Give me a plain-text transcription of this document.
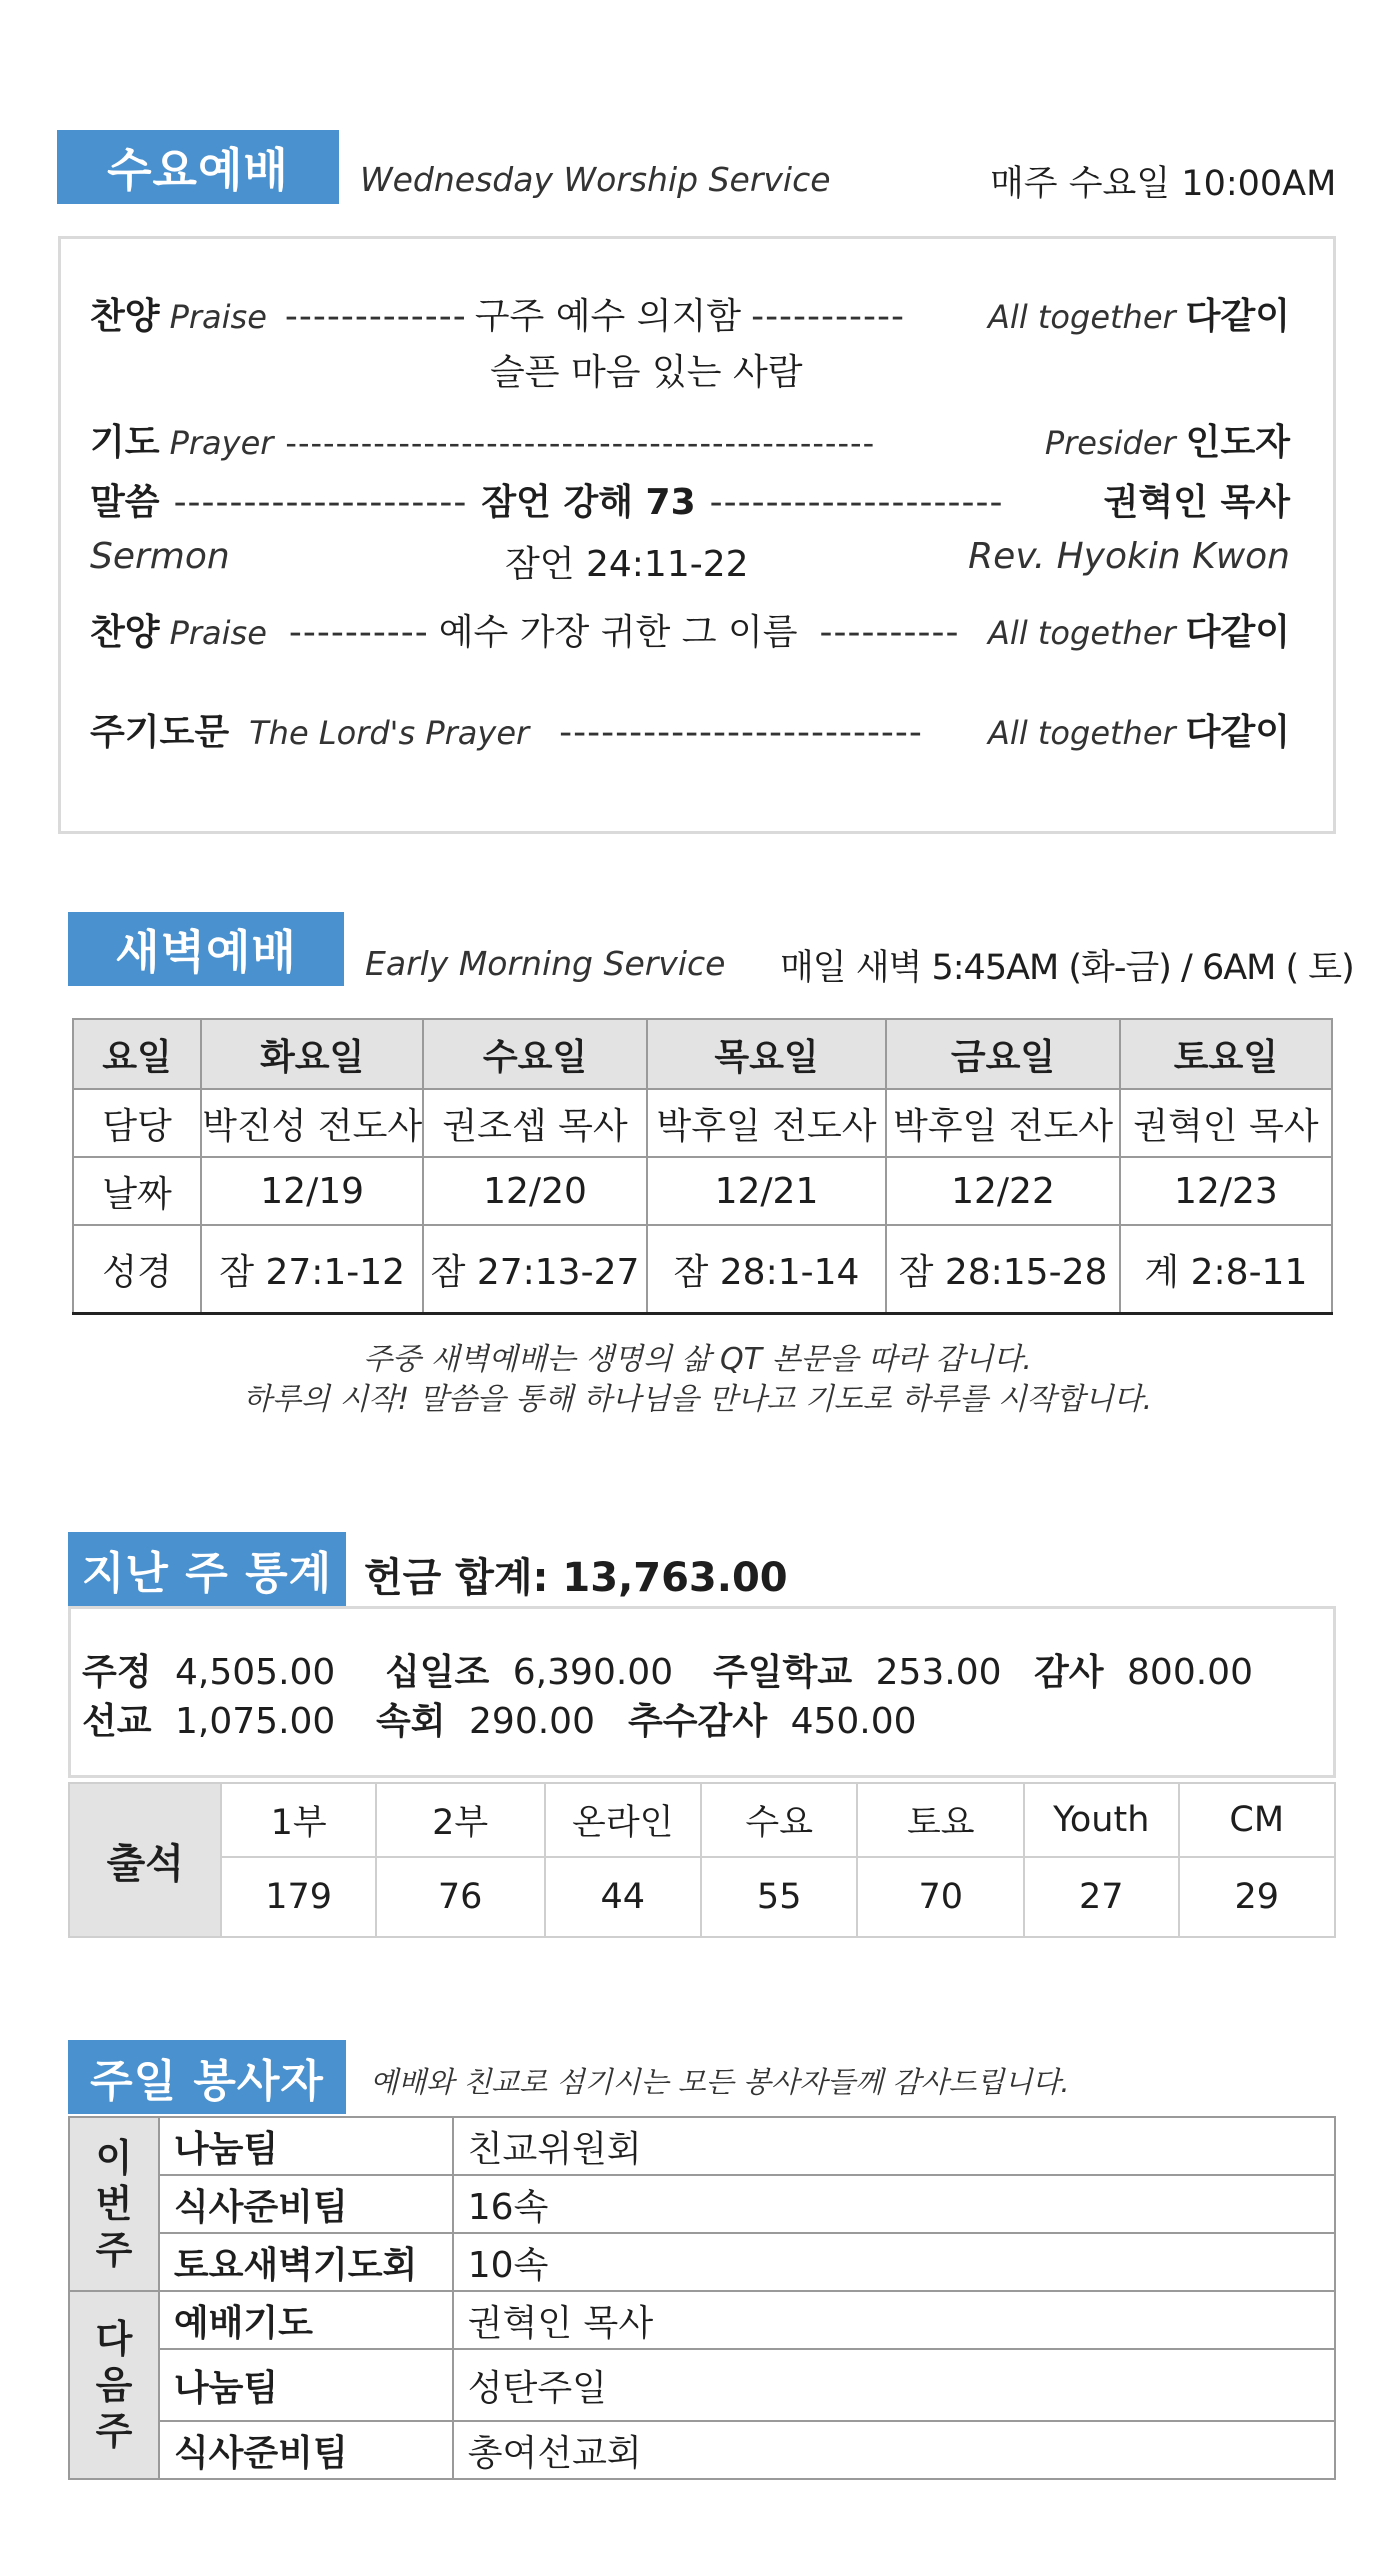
수요예배	Wednesday Worship Service	매주 수요일 10:00AM
찬양 Praise ------------- 구주 예수 의지함 -----------	All together 다같이
슬픈 마음 있는 사람
기도 Prayer -----------------------------------------------	Presider 인도자
말씀 --------------------- 잠언 강해 73 ---------------------	권혁인 목사
Sermon	잠언 24:11-22	Rev. Hyokin Kwon
찬양 Praise ---------- 예수 가장 귀한 그 이름 ---------- All together 다같이
주기도문 The Lord's Prayer -------------------------- All together 다같이
새벽예배	Early Morning Service 매일 새벽 5:45AM (화-금) / 6AM ( 토)
요일	화요일	수요일	목요일	금요일	토요일
담당	박진성 전도사	권조셉 목사	박후일 전도사	박후일 전도사	권혁인 목사
날짜	12/19	12/20	12/21	12/22	12/23
성경	잠 27:1-12	잠 27:13-27	잠 28:1-14	잠 28:15-28	계 2:8-11
주중 새벽예배는 생명의 삶 QT 본문을 따라 갑니다.
하루의 시작! 말씀을 통해 하나님을 만나고 기도로 하루를 시작합니다.
지난 주 통계 헌금 합계: 13,763.00
주정 4,505.00 십일조 6,390.00 주일학교 253.00 감사 800.00
선교 1,075.00 속회 290.00 추수감사 450.00
출석	1부	2부	온라인	수요	토요	Youth	CM
	179	76	44	55	70	27	29
주일 봉사자	예배와 친교로 섬기시는 모든 봉사자들께 감사드립니다.
이
번
주	나눔팀	친교위원회
	식사준비팀	16속
	토요새벽기도회	10속
다
음
주	예배기도	권혁인 목사
	나눔팀	성탄주일
	식사준비팀	총여선교회
